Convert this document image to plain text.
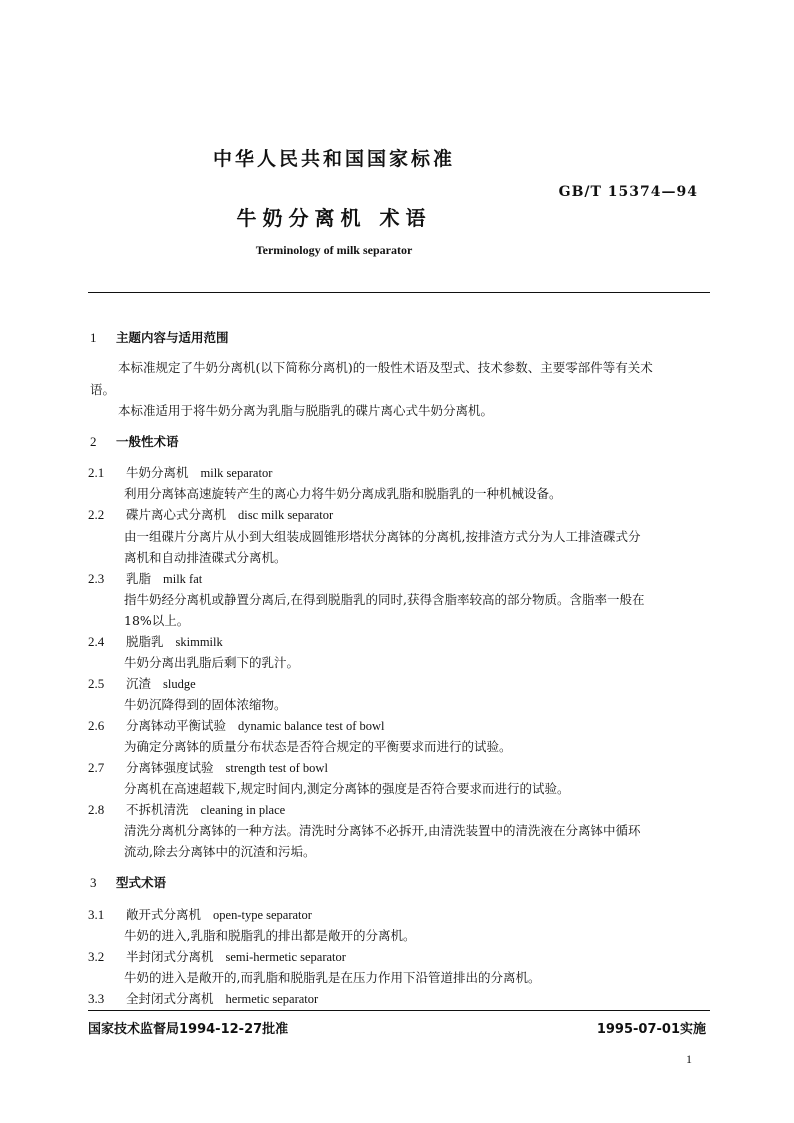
中华人民共和国国家标准
GB/T 15374—94
牛奶分离机 术语
Terminology of milk separator
1 主题内容与适用范围
本标准规定了牛奶分离机(以下简称分离机)的一般性术语及型式、技术参数、主要零部件等有关术
语。
本标准适用于将牛奶分离为乳脂与脱脂乳的碟片离心式牛奶分离机。
2 一般性术语
2.1 牛奶分离机 milk separator
利用分离钵高速旋转产生的离心力将牛奶分离成乳脂和脱脂乳的一种机械设备。
2.2 碟片离心式分离机 disc milk separator
由一组碟片分离片从小到大组装成圆锥形塔状分离钵的分离机,按排渣方式分为人工排渣碟式分
离机和自动排渣碟式分离机。
2.3 乳脂 milk fat
指牛奶经分离机或静置分离后,在得到脱脂乳的同时,获得含脂率较高的部分物质。含脂率一般在
18%以上。
2.4 脱脂乳 skimmilk
牛奶分离出乳脂后剩下的乳汁。
2.5 沉渣 sludge
牛奶沉降得到的固体浓缩物。
2.6 分离钵动平衡试验 dynamic balance test of bowl
为确定分离钵的质量分布状态是否符合规定的平衡要求而进行的试验。
2.7 分离钵强度试验 strength test of bowl
分离机在高速超载下,规定时间内,测定分离钵的强度是否符合要求而进行的试验。
2.8 不拆机清洗 cleaning in place
清洗分离机分离钵的一种方法。清洗时分离钵不必拆开,由清洗装置中的清洗液在分离钵中循环
流动,除去分离钵中的沉渣和污垢。
3 型式术语
3.1 敞开式分离机 open-type separator
牛奶的进入,乳脂和脱脂乳的排出都是敞开的分离机。
3.2 半封闭式分离机 semi-hermetic separator
牛奶的进入是敞开的,而乳脂和脱脂乳是在压力作用下沿管道排出的分离机。
3.3 全封闭式分离机 hermetic separator
国家技术监督局1994-12-27批准	1995-07-01实施
1
